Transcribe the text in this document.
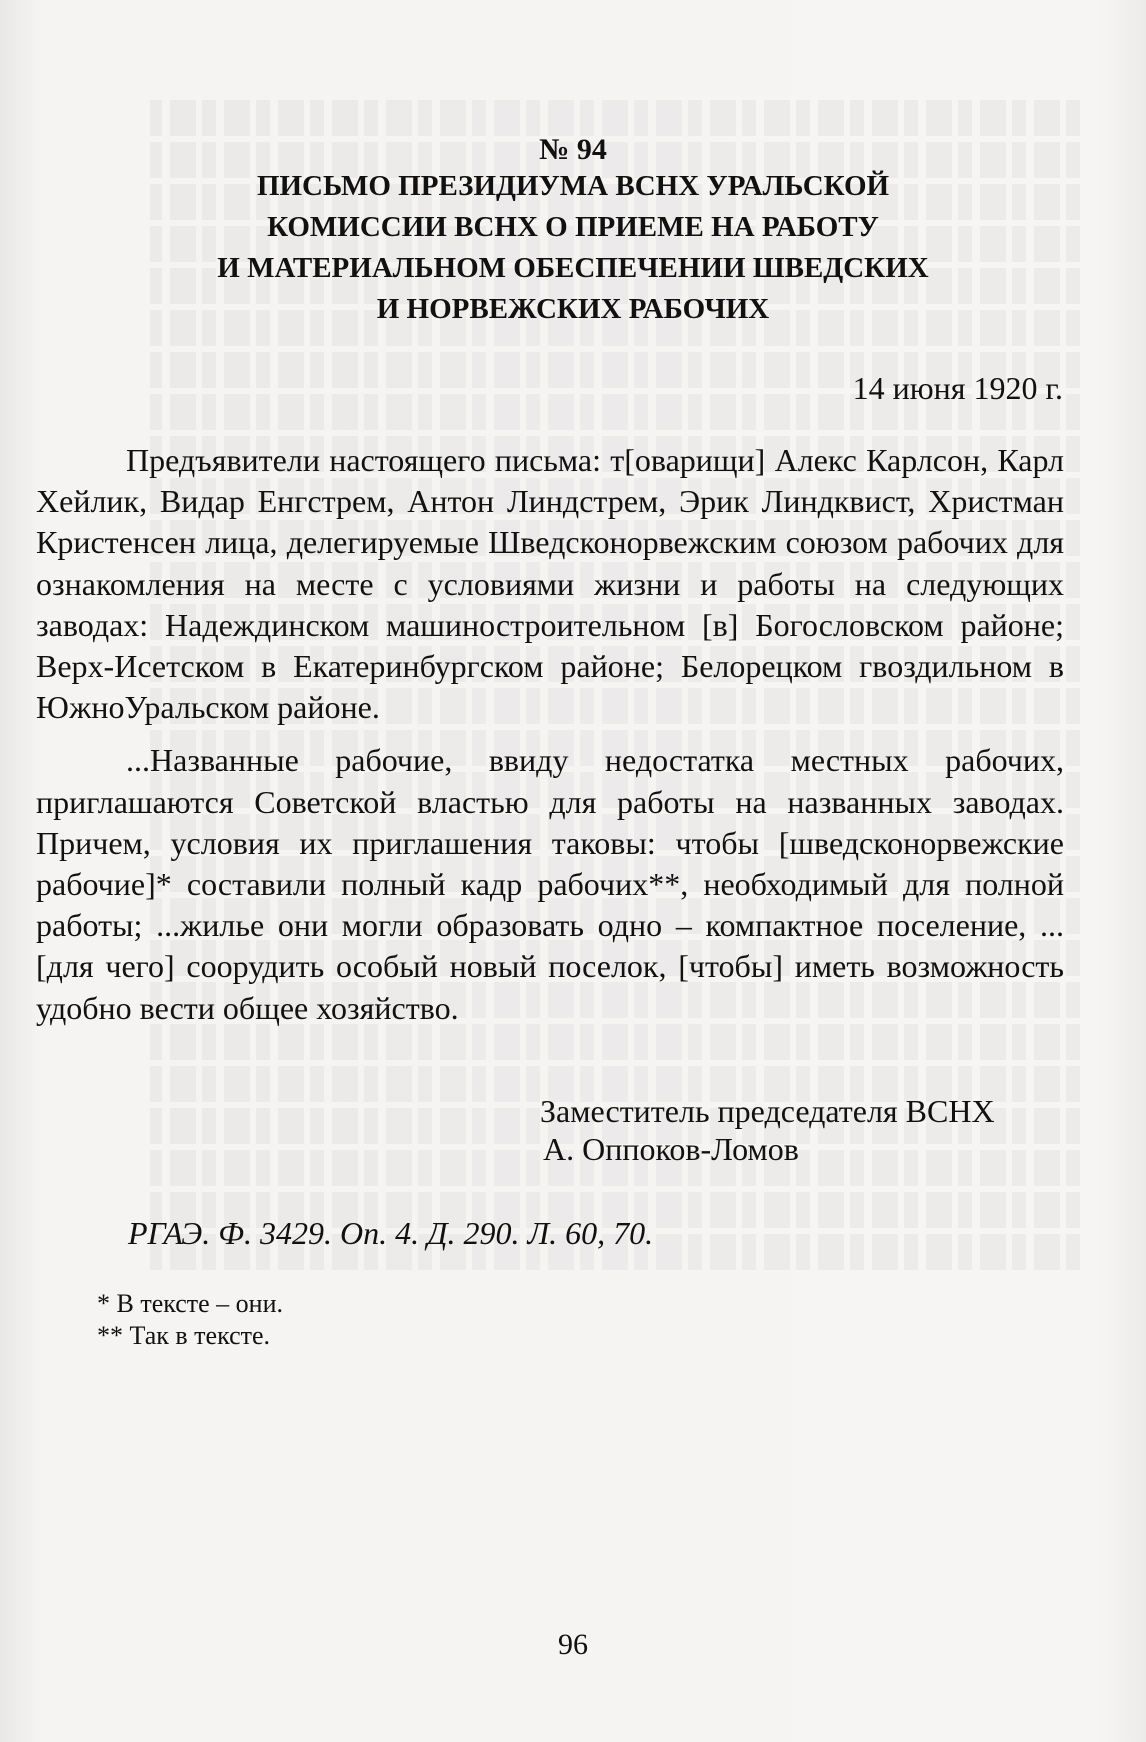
№ 94
ПИСЬМО ПРЕЗИДИУМА ВСНХ УРАЛЬСКОЙ
КОМИССИИ ВСНХ О ПРИЕМЕ НА РАБОТУ
И МАТЕРИАЛЬНОМ ОБЕСПЕЧЕНИИ ШВЕДСКИХ
И НОРВЕЖСКИХ РАБОЧИХ
14 июня 1920 г.

Предъявители настоящего письма: т[оварищи] Алекс Карлсон, Карл Хейлик, Видар Енгстрем, Антон Линдстрем, Эрик Линдквист, Христман Кристенсен лица, делегируемые Шведсконорвежским союзом рабочих для ознакомления на месте с условиями жизни и работы на следующих заводах: Надеждинском машиностроительном [в] Богословском районе; Верх-Исетском в Екатеринбургском районе; Белорецком гвоздильном в ЮжноУральском районе.

...Названные рабочие, ввиду недостатка местных рабочих, приглашаются Советской властью для работы на названных заводах. Причем, условия их приглашения таковы: чтобы [шведсконорвежские рабочие]* составили полный кадр рабочих**, необходимый для полной работы; ...жилье они могли образовать одно – компактное поселение, ...[для чего] соорудить особый новый поселок, [чтобы] иметь возможность удобно вести общее хозяйство.

Заместитель председателя ВСНХ
А. Оппоков-Ломов
РГАЭ. Ф. 3429. Оп. 4. Д. 290. Л. 60, 70.
* В тексте – они.
** Так в тексте.
96
